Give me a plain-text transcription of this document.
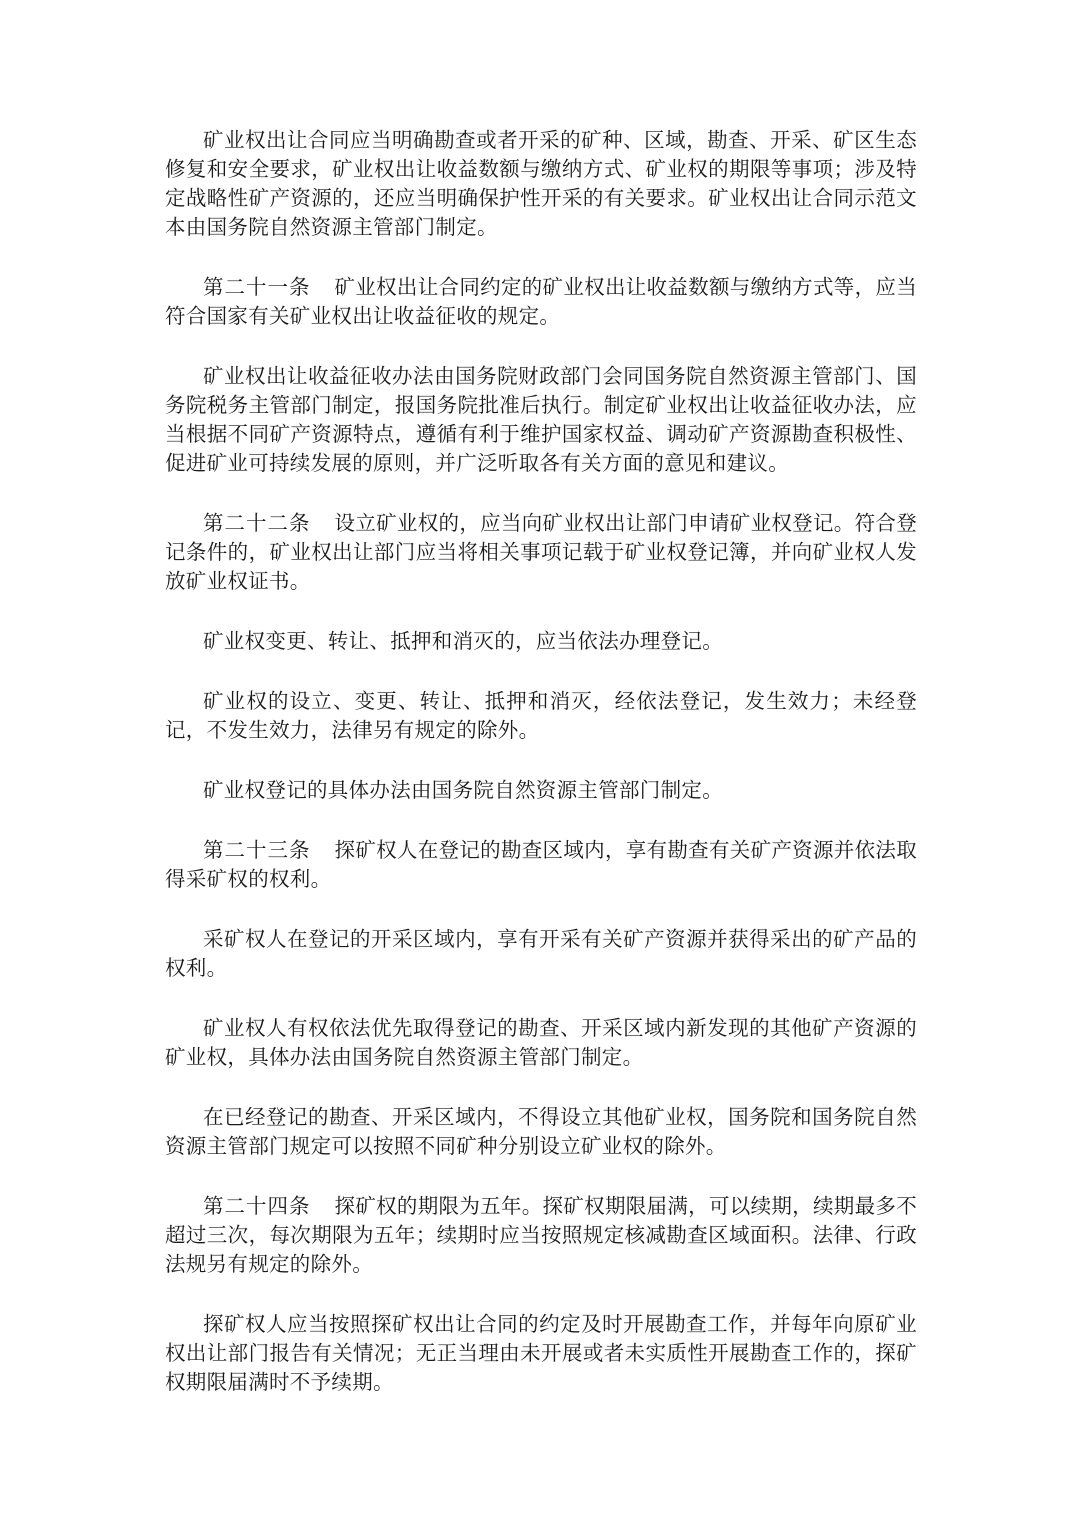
矿业权出让合同应当明确勘查或者开采的矿种、区域，勘查、开采、矿区生态修复和安全要求，矿业权出让收益数额与缴纳方式、矿业权的期限等事项；涉及特定战略性矿产资源的，还应当明确保护性开采的有关要求。矿业权出让合同示范文本由国务院自然资源主管部门制定。

第二十一条 矿业权出让合同约定的矿业权出让收益数额与缴纳方式等，应当符合国家有关矿业权出让收益征收的规定。

矿业权出让收益征收办法由国务院财政部门会同国务院自然资源主管部门、国务院税务主管部门制定，报国务院批准后执行。制定矿业权出让收益征收办法，应当根据不同矿产资源特点，遵循有利于维护国家权益、调动矿产资源勘查积极性、促进矿业可持续发展的原则，并广泛听取各有关方面的意见和建议。

第二十二条 设立矿业权的，应当向矿业权出让部门申请矿业权登记。符合登记条件的，矿业权出让部门应当将相关事项记载于矿业权登记簿，并向矿业权人发放矿业权证书。

矿业权变更、转让、抵押和消灭的，应当依法办理登记。

矿业权的设立、变更、转让、抵押和消灭，经依法登记，发生效力；未经登记，不发生效力，法律另有规定的除外。

矿业权登记的具体办法由国务院自然资源主管部门制定。

第二十三条 探矿权人在登记的勘查区域内，享有勘查有关矿产资源并依法取得采矿权的权利。

采矿权人在登记的开采区域内，享有开采有关矿产资源并获得采出的矿产品的权利。

矿业权人有权依法优先取得登记的勘查、开采区域内新发现的其他矿产资源的矿业权，具体办法由国务院自然资源主管部门制定。

在已经登记的勘查、开采区域内，不得设立其他矿业权，国务院和国务院自然资源主管部门规定可以按照不同矿种分别设立矿业权的除外。

第二十四条 探矿权的期限为五年。探矿权期限届满，可以续期，续期最多不超过三次，每次期限为五年；续期时应当按照规定核减勘查区域面积。法律、行政法规另有规定的除外。

探矿权人应当按照探矿权出让合同的约定及时开展勘查工作，并每年向原矿业权出让部门报告有关情况；无正当理由未开展或者未实质性开展勘查工作的，探矿权期限届满时不予续期。
